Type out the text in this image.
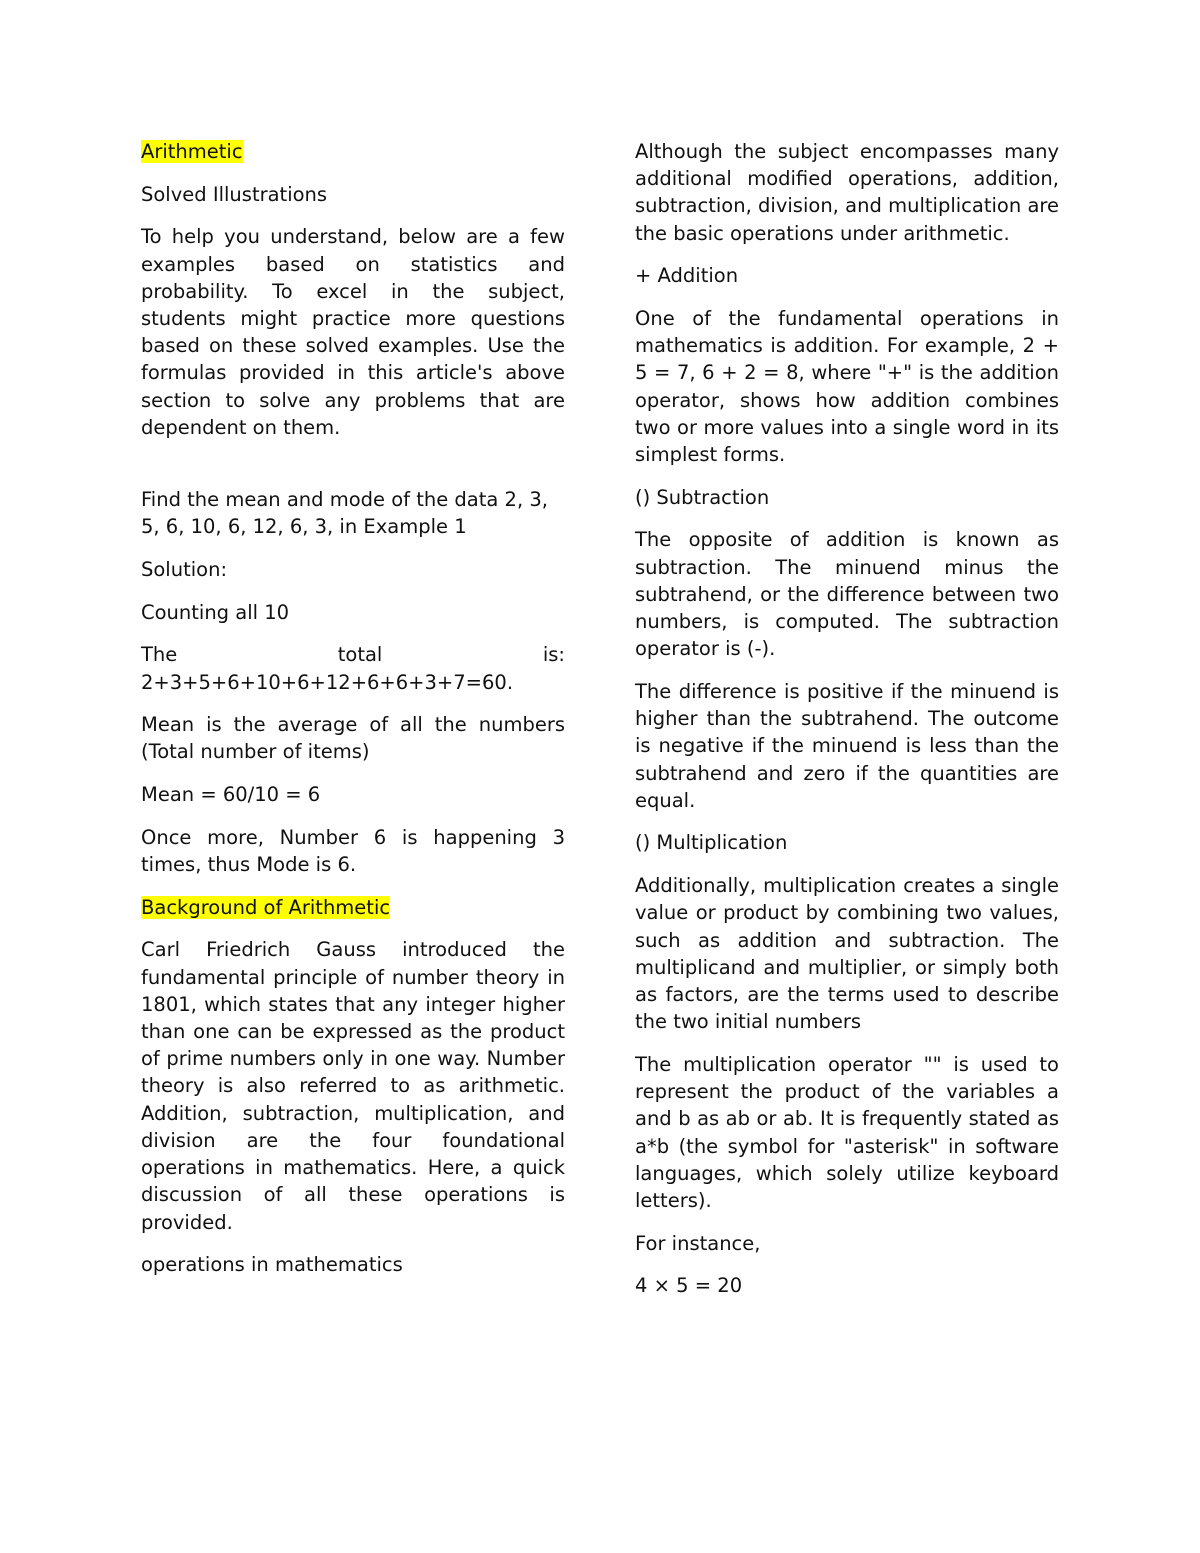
Arithmetic

Solved Illustrations

To help you understand, below are a few examples based on statistics and probability. To excel in the subject, students might practice more questions based on these solved examples. Use the formulas provided in this article's above section to solve any problems that are dependent on them.

Find the mean and mode of the data 2, 3, 5, 6, 10, 6, 12, 6, 3, in Example 1

Solution:

Counting all 10

The total is: 2+3+5+6+10+6+12+6+6+3+7=60.

Mean is the average of all the numbers (Total number of items)

Mean = 60/10 = 6

Once more, Number 6 is happening 3 times, thus Mode is 6.

Background of Arithmetic

Carl Friedrich Gauss introduced the fundamental principle of number theory in 1801, which states that any integer higher than one can be expressed as the product of prime numbers only in one way. Number theory is also referred to as arithmetic. Addition, subtraction, multiplication, and division are the four foundational operations in mathematics. Here, a quick discussion of all these operations is provided.

operations in mathematics

Although the subject encompasses many additional modified operations, addition, subtraction, division, and multiplication are the basic operations under arithmetic.

+ Addition

One of the fundamental operations in mathematics is addition. For example, 2 + 5 = 7, 6 + 2 = 8, where "+" is the addition operator, shows how addition combines two or more values into a single word in its simplest forms.

() Subtraction

The opposite of addition is known as subtraction. The minuend minus the subtrahend, or the difference between two numbers, is computed. The subtraction operator is (-).

The difference is positive if the minuend is higher than the subtrahend. The outcome is negative if the minuend is less than the subtrahend and zero if the quantities are equal.

() Multiplication

Additionally, multiplication creates a single value or product by combining two values, such as addition and subtraction. The multiplicand and multiplier, or simply both as factors, are the terms used to describe the two initial numbers

The multiplication operator "" is used to represent the product of the variables a and b as ab or ab. It is frequently stated as a*b (the symbol for "asterisk" in software languages, which solely utilize keyboard letters).

For instance,

4 × 5 = 20
